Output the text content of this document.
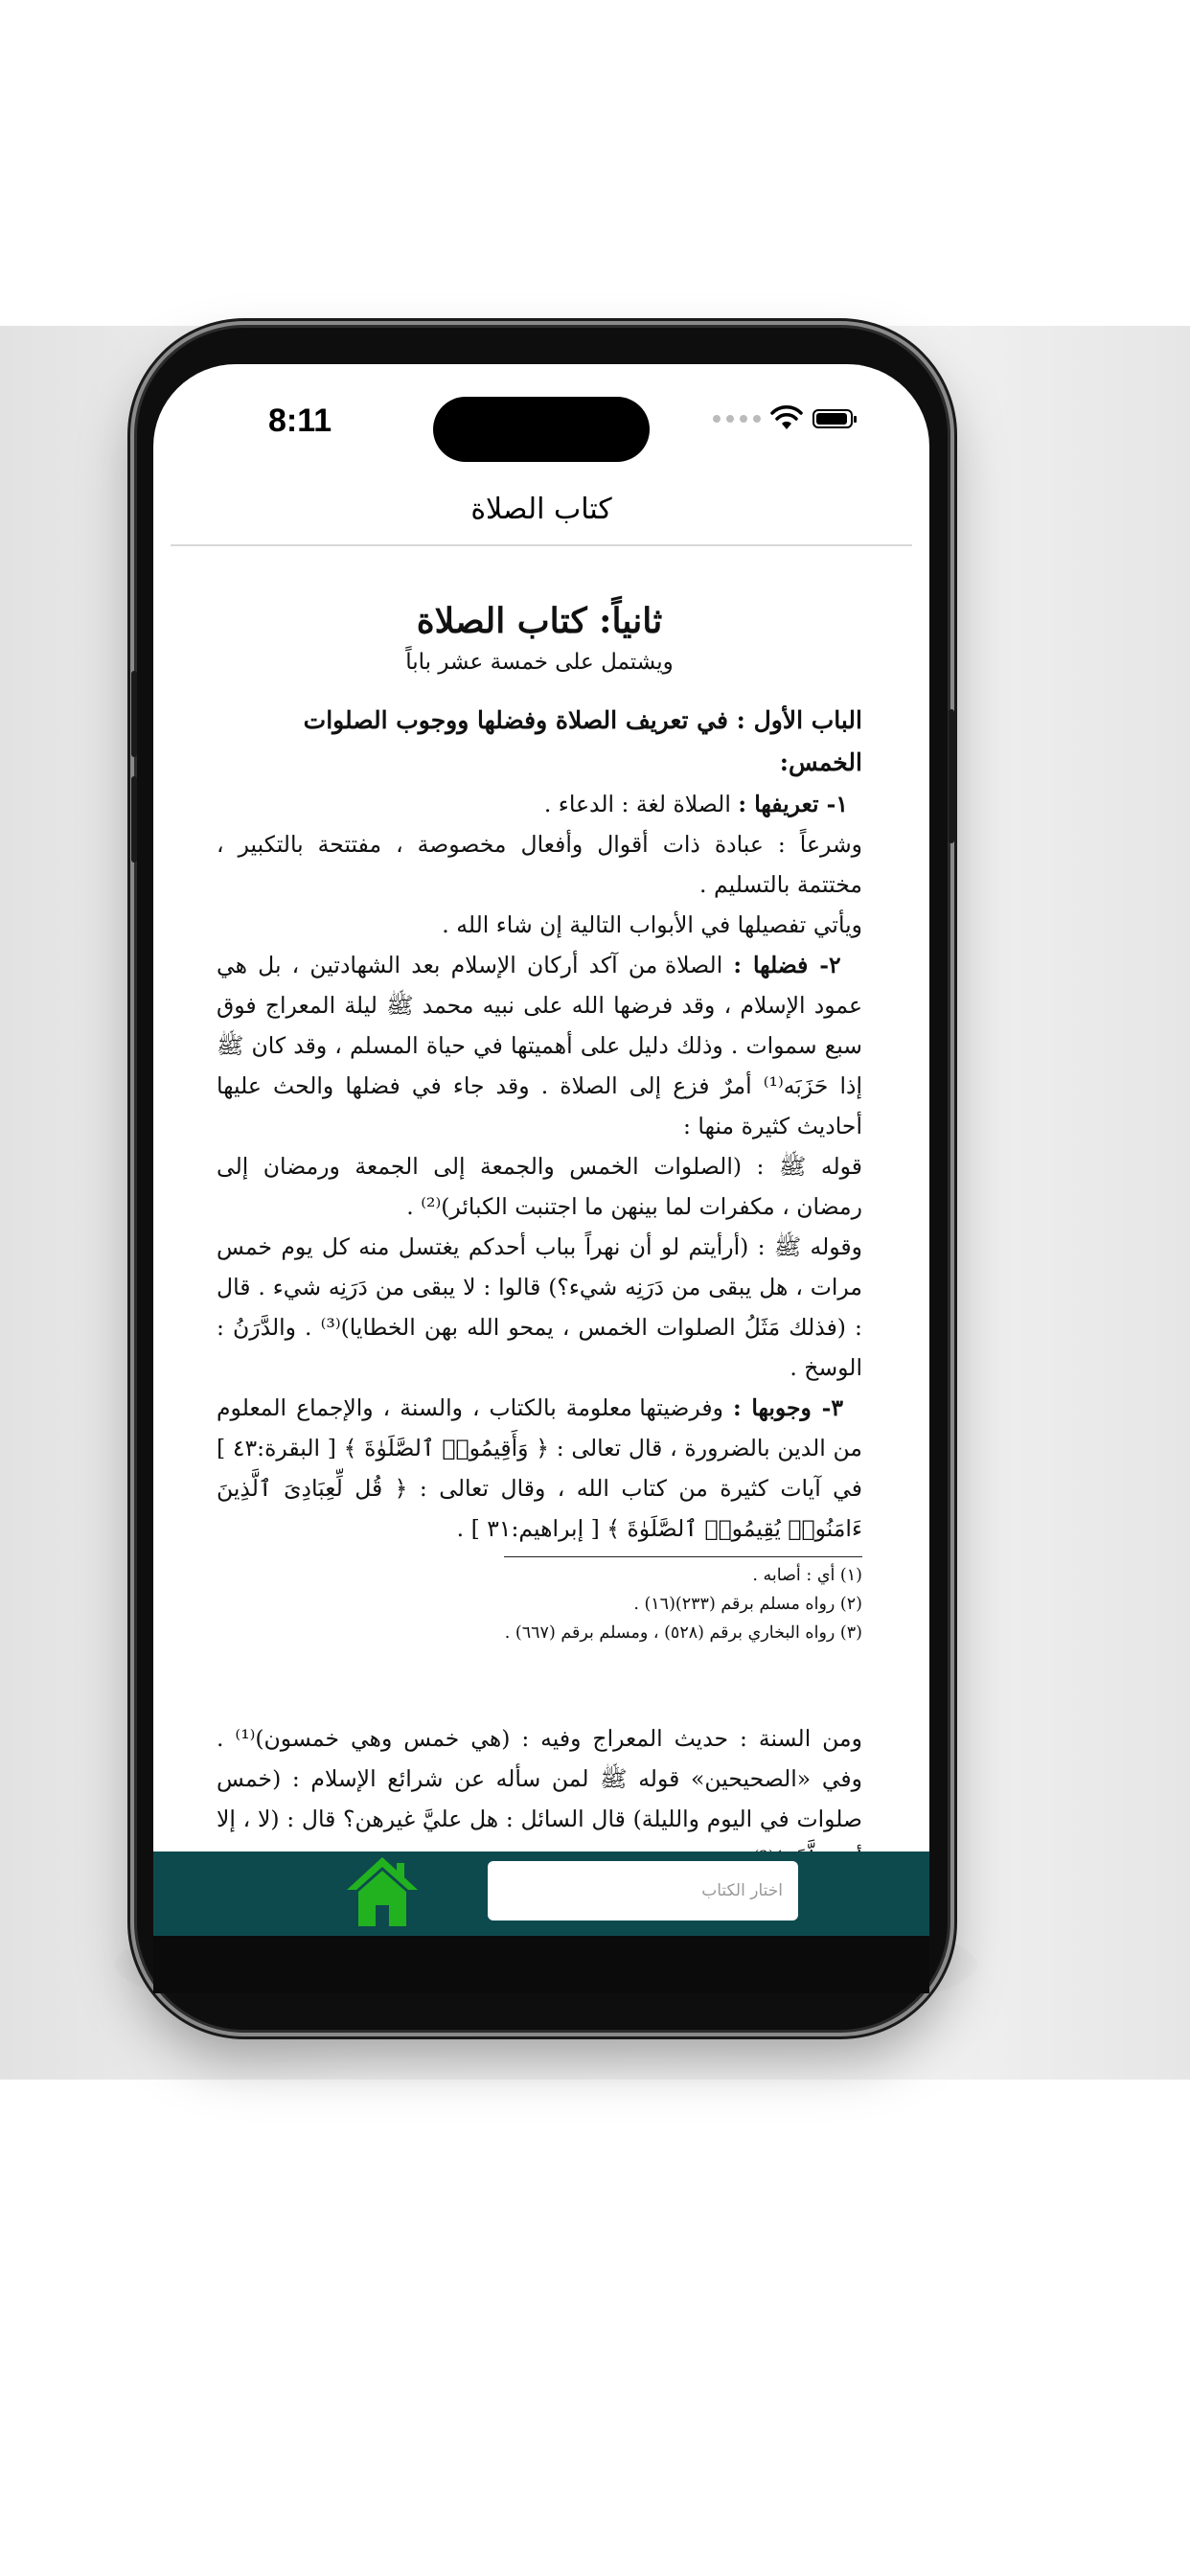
8:11
كتاب الصلاة
ثانياً: كتاب الصلاة
ويشتمل على خمسة عشر باباً
الباب الأول : في تعريف الصلاة وفضلها ووجوب الصلوات الخمس:

١- تعريفها : الصلاة لغة : الدعاء .

وشرعاً : عبادة ذات أقوال وأفعال مخصوصة ، مفتتحة بالتكبير ، مختتمة بالتسليم .

ويأتي تفصيلها في الأبواب التالية إن شاء الله .

٢- فضلها : الصلاة من آكد أركان الإسلام بعد الشهادتين ، بل هي عمود الإسلام ، وقد فرضها الله على نبيه محمد ﷺ ليلة المعراج فوق سبع سموات . وذلك دليل على أهميتها في حياة المسلم ، وقد كان ﷺ إذا حَزَبَه⁽¹⁾ أمرٌ فزع إلى الصلاة . وقد جاء في فضلها والحث عليها أحاديث كثيرة منها :

قوله ﷺ : (الصلوات الخمس والجمعة إلى الجمعة ورمضان إلى رمضان ، مكفرات لما بينهن ما اجتنبت الكبائر)⁽²⁾ .

وقوله ﷺ : (أرأيتم لو أن نهراً بباب أحدكم يغتسل منه كل يوم خمس مرات ، هل يبقى من دَرَنِه شيء؟) قالوا : لا يبقى من دَرَنِه شيء . قال : (فذلك مَثَلُ الصلوات الخمس ، يمحو الله بهن الخطايا)⁽³⁾ . والدَّرَنُ : الوسخ .

٣- وجوبها : وفرضيتها معلومة بالكتاب ، والسنة ، والإجماع المعلوم من الدين بالضرورة ، قال تعالى : ﴿ وَأَقِيمُوا۟ ٱلصَّلَوٰةَ ﴾ [ البقرة:٤٣ ] في آيات كثيرة من كتاب الله ، وقال تعالى : ﴿ قُل لِّعِبَادِىَ ٱلَّذِينَ ءَامَنُوا۟ يُقِيمُوا۟ ٱلصَّلَوٰةَ ﴾ [ إبراهيم:٣١ ] .

(١) أي : أصابه .
(٢) رواه مسلم برقم (٢٣٣)(١٦) .
(٣) رواه البخاري برقم (٥٢٨) ، ومسلم برقم (٦٦٧) .

ومن السنة : حديث المعراج وفيه : (هي خمس وهي خمسون)⁽¹⁾ . وفي «الصحيحين» قوله ﷺ لمن سأله عن شرائع الإسلام : (خمس صلوات في اليوم والليلة) قال السائل : هل عليَّ غيرهن؟ قال : (لا ، إلا

اختار الكتاب
